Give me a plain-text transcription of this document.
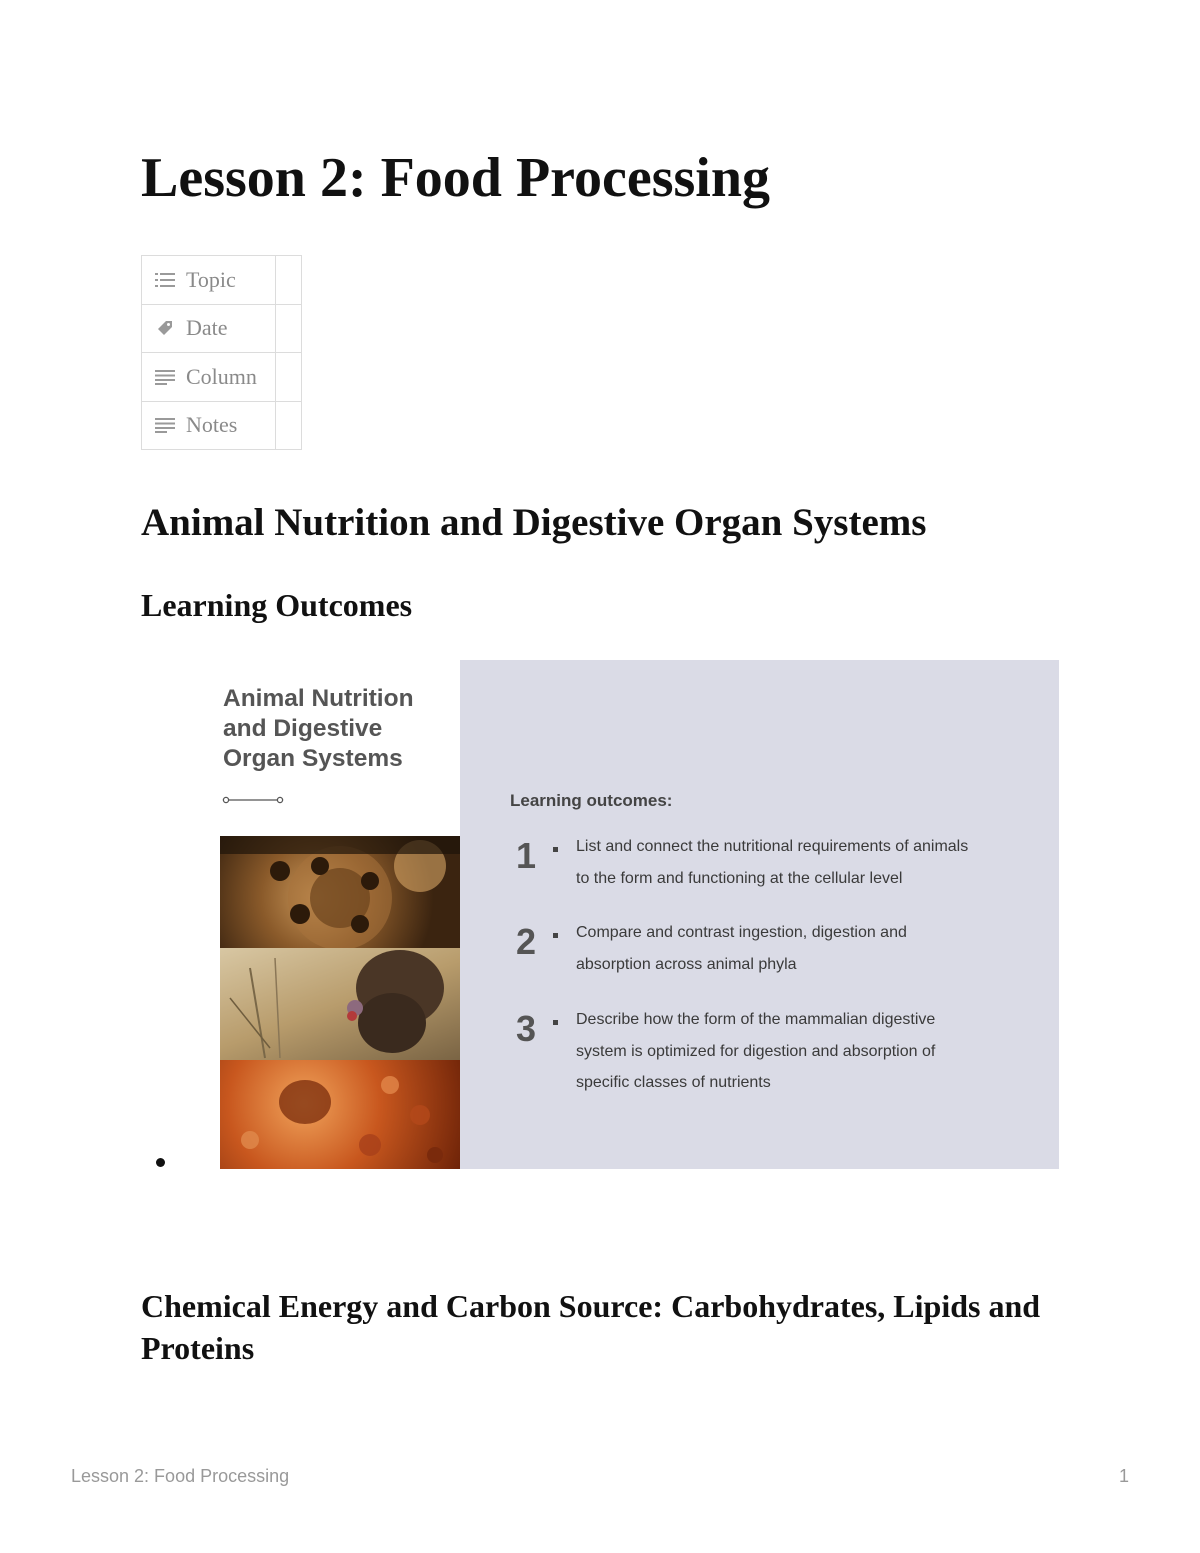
Lesson 2: Food Processing
Topic
Date
Column
Notes
Animal Nutrition and Digestive Organ Systems
Learning Outcomes
Animal Nutrition
and Digestive
Organ Systems
Learning outcomes:
1 List and connect the nutritional requirements of animals
to the form and functioning at the cellular level
2 Compare and contrast ingestion, digestion and
absorption across animal phyla
3 Describe how the form of the mammalian digestive
system is optimized for digestion and absorption of
specific classes of nutrients
Chemical Energy and Carbon Source: Carbohydrates, Lipids and Proteins
Lesson 2: Food Processing	1
